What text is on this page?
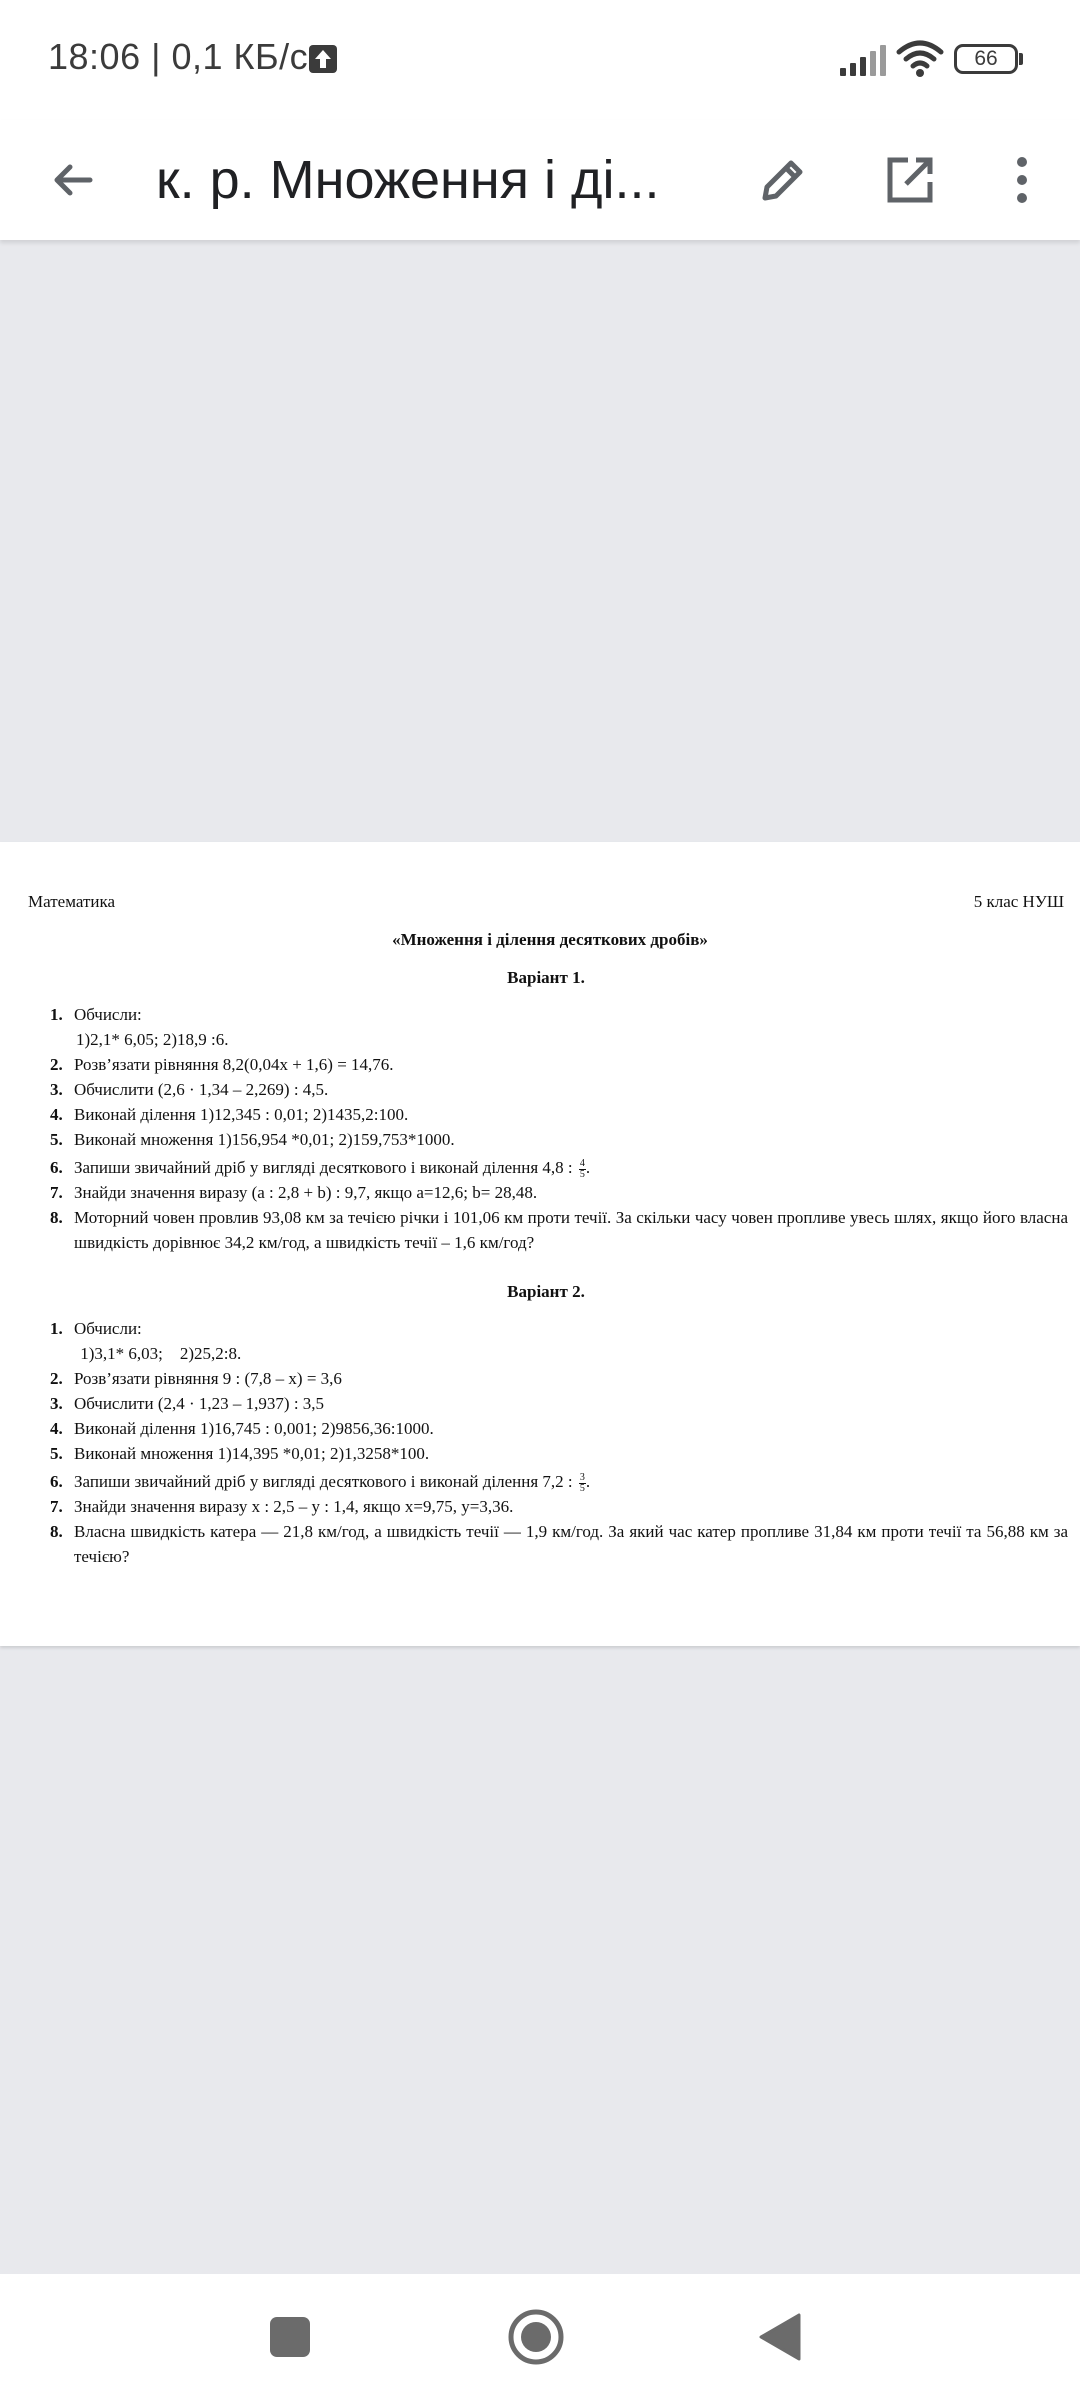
18:06 | 0,1 КБ/с	66
к. р. Множення і ді...
Математика	5 клас НУШ
«Множення і ділення десяткових дробів»
Варіант 1.
1. Обчисли:
1)2,1* 6,05; 2)18,9 :6.
2. Розв’язати рівняння 8,2(0,04x + 1,6) = 14,76.
3. Обчислити (2,6 · 1,34 – 2,269) : 4,5.
4. Виконай ділення 1)12,345 : 0,01; 2)1435,2:100.
5. Виконай множення 1)156,954 *0,01; 2)159,753*1000.
6. Запиши звичайний дріб у вигляді десяткового і виконай ділення 4,8 : $\frac{4}{5}$ .
7. Знайди значення виразу (a : 2,8 + b) : 9,7, якщо a=12,6; b= 28,48.
8. Моторний човен провлив 93,08 км за течією річки і 101,06 км проти течії. За скільки часу човен пропливе увесь шлях, якщо його власна швидкість дорівнює 34,2 км/год, а швидкість течії – 1,6 км/год?
Варіант 2.
1. Обчисли:
1)3,1* 6,03;    2)25,2:8.
2. Розв’язати рівняння 9 : (7,8 – x) = 3,6
3. Обчислити (2,4 · 1,23 – 1,937) : 3,5
4. Виконай ділення 1)16,745 : 0,001; 2)9856,36:1000.
5. Виконай множення 1)14,395 *0,01; 2)1,3258*100.
6. Запиши звичайний дріб у вигляді десяткового і виконай ділення 7,2 : $\frac{3}{5}$ .
7. Знайди значення виразу x : 2,5 – y : 1,4, якщо x=9,75, y=3,36.
8. Власна швидкість катера — 21,8 км/год, а швидкість течії — 1,9 км/год. За який час катер пропливе 31,84 км проти течії та 56,88 км за течією?
